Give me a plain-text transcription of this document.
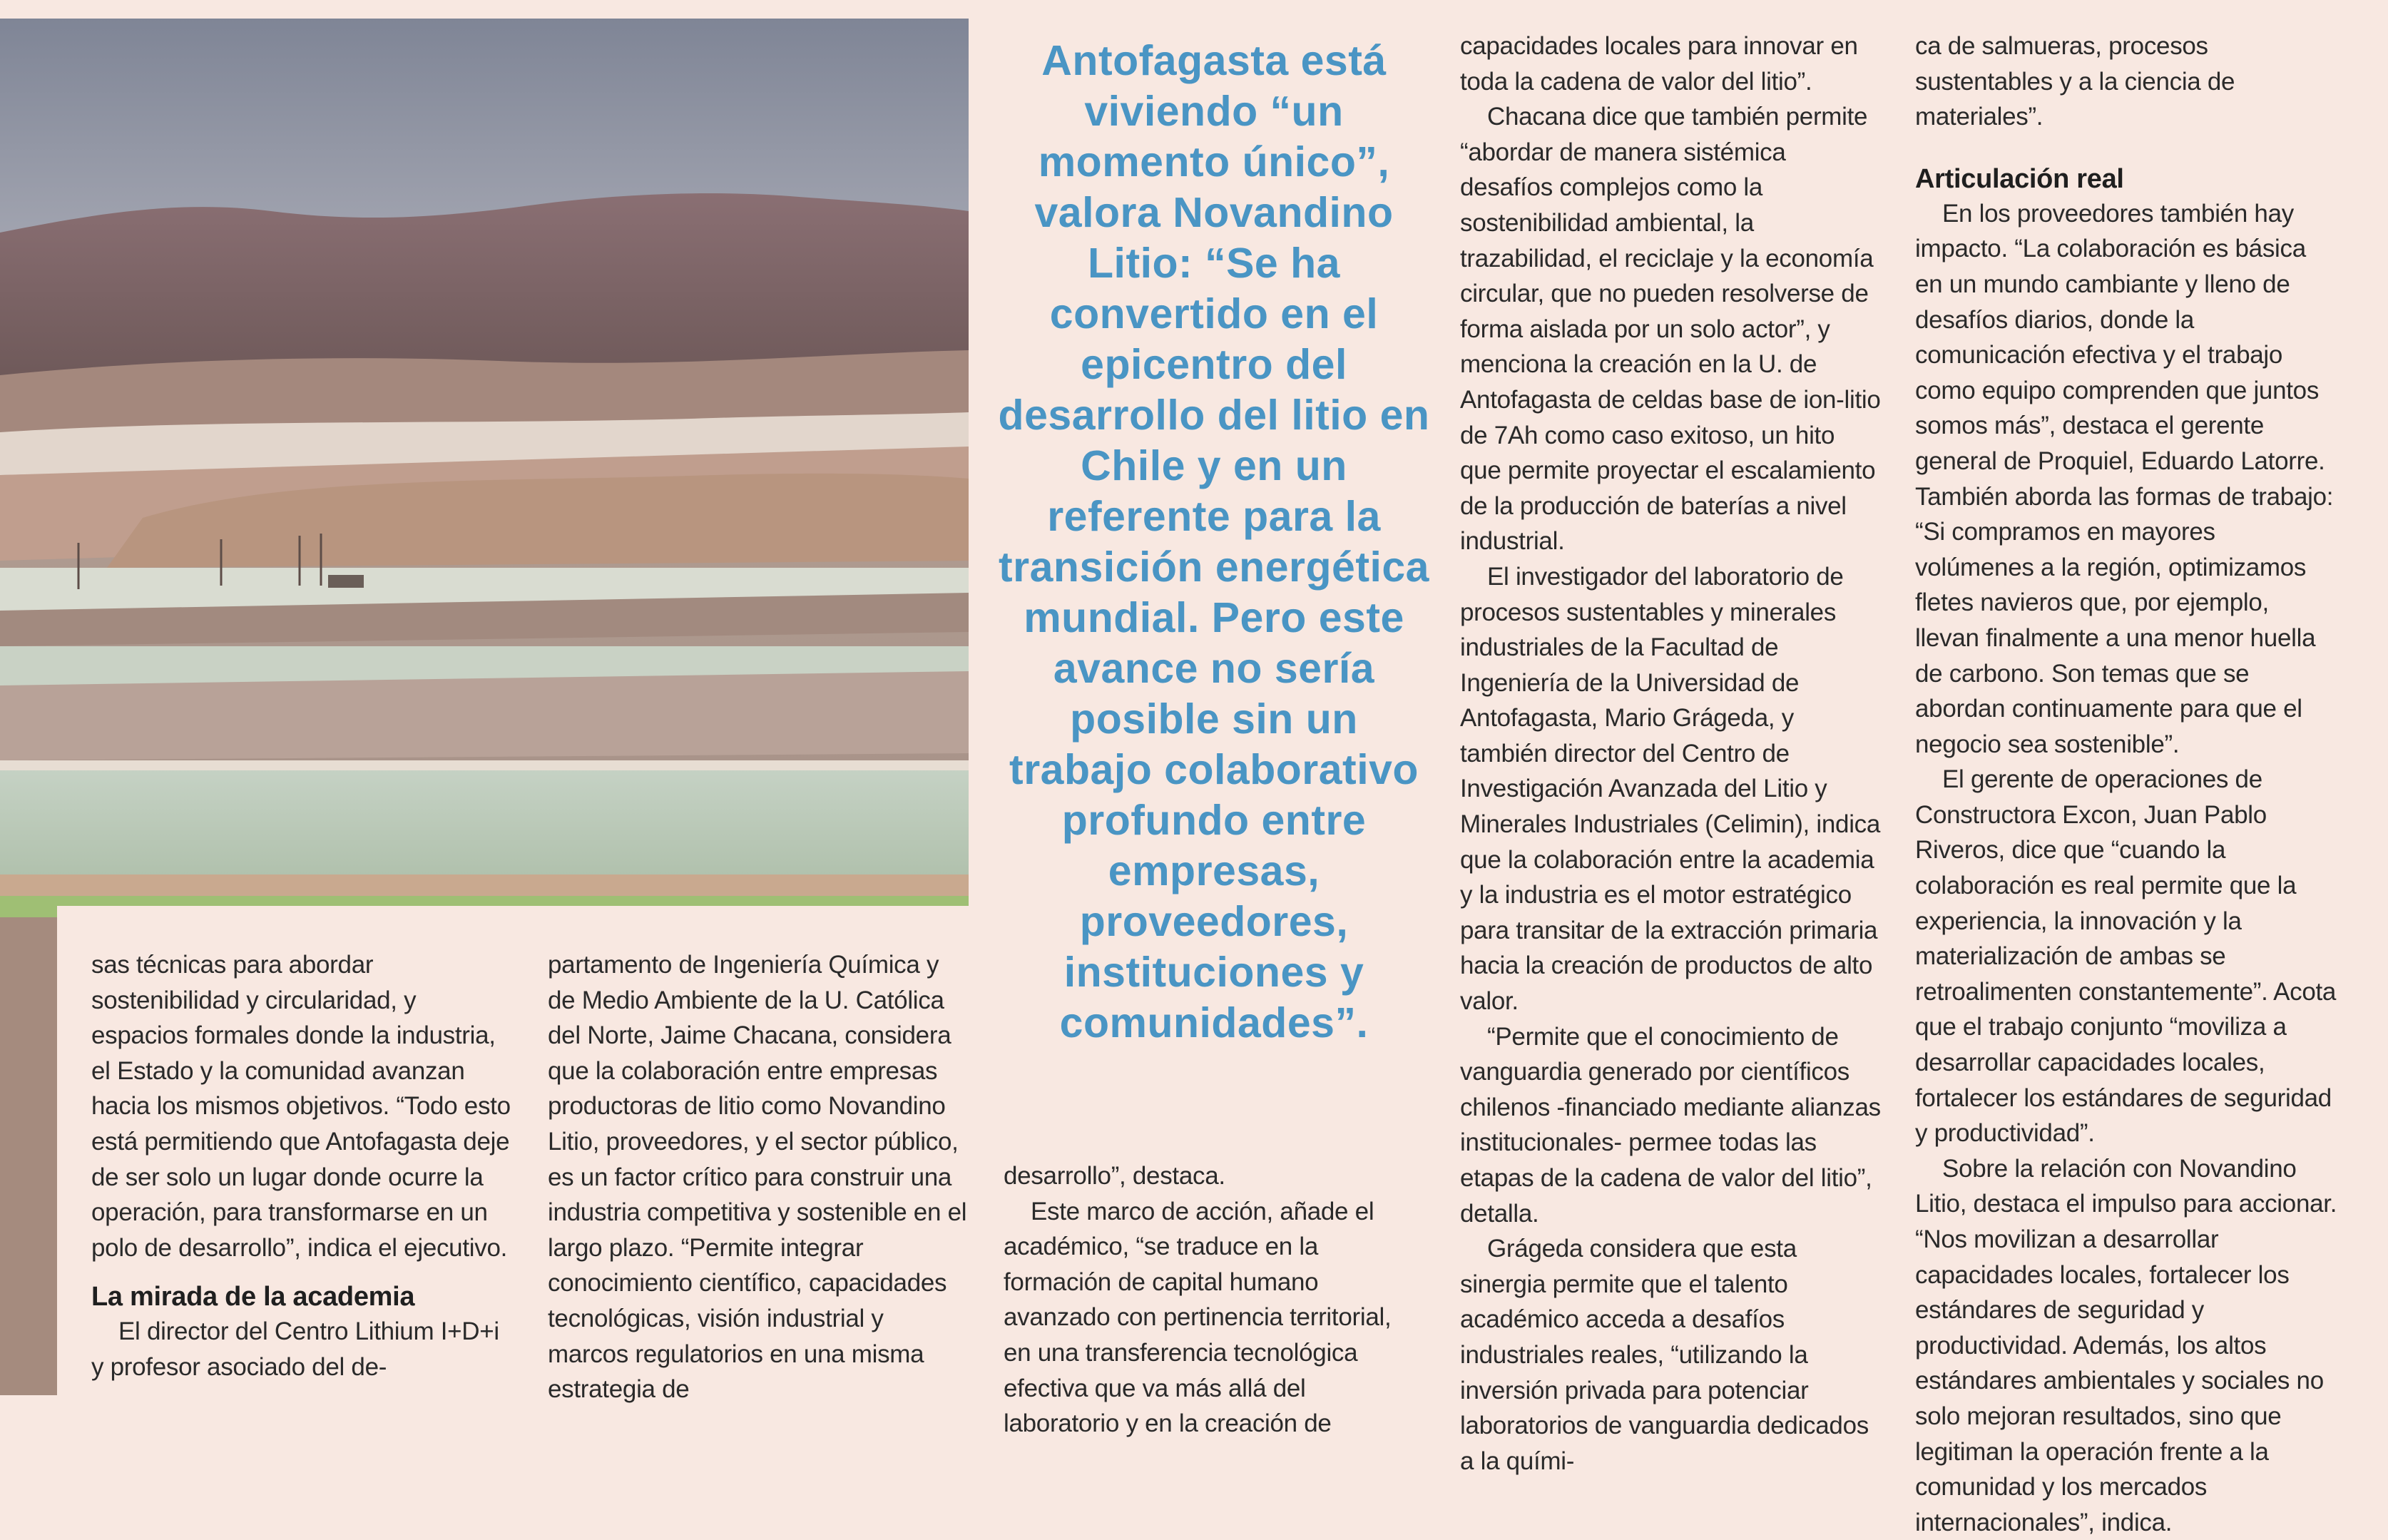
Antofagasta está viviendo “un momento único”, valora Novandino Litio: “Se ha convertido en el epicentro del desarrollo del litio en Chile y en un referente para la transición energética mundial. Pero este avance no sería posible sin un trabajo colaborativo profundo entre empresas, proveedores, instituciones y comunidades”.

sas técnicas para abordar sostenibilidad y circularidad, y espacios formales donde la industria, el Estado y la comunidad avanzan hacia los mismos objetivos. “Todo esto está permitiendo que Antofagasta deje de ser solo un lugar donde ocurre la operación, para transformarse en un polo de desarrollo”, indica el ejecutivo.

La mirada de la academia

El director del Centro Lithium I+D+i y profesor asociado del de-

partamento de Ingeniería Química y de Medio Ambiente de la U. Católica del Norte, Jaime Chacana, considera que la colaboración entre empresas productoras de litio como Novandino Litio, proveedores, y el sector público, es un factor crítico para construir una industria competitiva y sostenible en el largo plazo. “Permite integrar conocimiento científico, capacidades tecnológicas, visión industrial y marcos regulatorios en una misma estrategia de

desarrollo”, destaca.

Este marco de acción, añade el académico, “se traduce en la formación de capital humano avanzado con pertinencia territorial, en una transferencia tecnológica efectiva que va más allá del laboratorio y en la creación de

capacidades locales para innovar en toda la cadena de valor del litio”.

Chacana dice que también permite “abordar de manera sistémica desafíos complejos como la sostenibilidad ambiental, la trazabilidad, el reciclaje y la economía circular, que no pueden resolverse de forma aislada por un solo actor”, y menciona la creación en la U. de Antofagasta de celdas base de ion-litio de 7Ah como caso exitoso, un hito que permite proyectar el escalamiento de la producción de baterías a nivel industrial.

El investigador del laboratorio de procesos sustentables y minerales industriales de la Facultad de Ingeniería de la Universidad de Antofagasta, Mario Grágeda, y también director del Centro de Investigación Avanzada del Litio y Minerales Industriales (Celimin), indica que la colaboración entre la academia y la industria es el motor estratégico para transitar de la extracción primaria hacia la creación de productos de alto valor.

“Permite que el conocimiento de vanguardia generado por científicos chilenos -financiado mediante alianzas institucionales- permee todas las etapas de la cadena de valor del litio”, detalla.

Grágeda considera que esta sinergia permite que el talento académico acceda a desafíos industriales reales, “utilizando la inversión privada para potenciar laboratorios de vanguardia dedicados a la quími-

ca de salmueras, procesos sustentables y a la ciencia de materiales”.

Articulación real

En los proveedores también hay impacto. “La colaboración es básica en un mundo cambiante y lleno de desafíos diarios, donde la comunicación efectiva y el trabajo como equipo comprenden que juntos somos más”, destaca el gerente general de Proquiel, Eduardo Latorre. También aborda las formas de trabajo: “Si compramos en mayores volúmenes a la región, optimizamos fletes navieros que, por ejemplo, llevan finalmente a una menor huella de carbono. Son temas que se abordan continuamente para que el negocio sea sostenible”.

El gerente de operaciones de Constructora Excon, Juan Pablo Riveros, dice que “cuando la colaboración es real permite que la experiencia, la innovación y la materialización de ambas se retroalimenten constantemente”. Acota que el trabajo conjunto “moviliza a desarrollar capacidades locales, fortalecer los estándares de seguridad y productividad”.

Sobre la relación con Novandino Litio, destaca el impulso para accionar. “Nos movilizan a desarrollar capacidades locales, fortalecer los estándares de seguridad y productividad. Además, los altos estándares ambientales y sociales no solo mejoran resultados, sino que legitiman la operación frente a la comunidad y los mercados internacionales”, indica.
